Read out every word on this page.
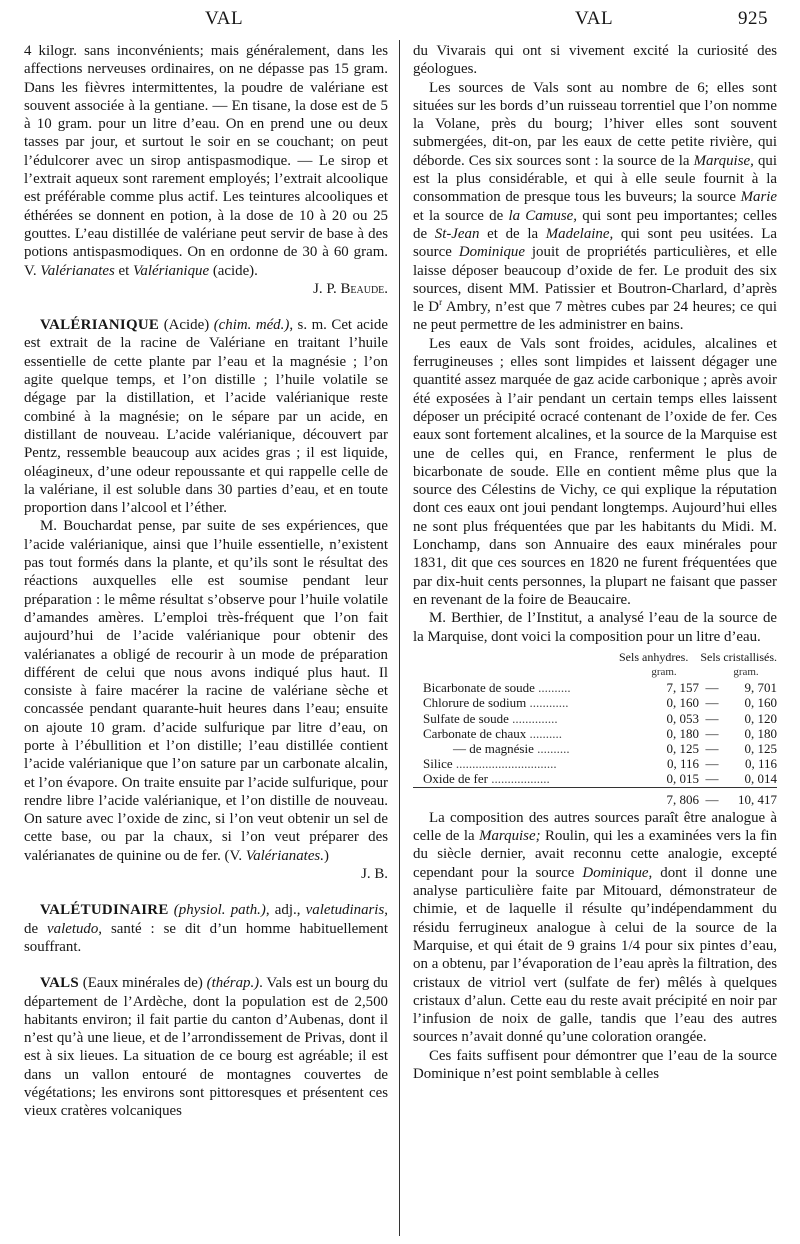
VAL	VAL	925

4 kilogr. sans inconvénients; mais généralement, dans les affections nerveuses ordinaires, on ne dépasse pas 15 gram. Dans les fièvres intermittentes, la poudre de valériane est souvent associée à la gentiane. — En tisane, la dose est de 5 à 10 gram. pour un litre d’eau. On en prend une ou deux tasses par jour, et surtout le soir en se couchant; on peut l’édulcorer avec un sirop antispasmodique. — Le sirop et l’extrait aqueux sont rarement employés; l’extrait alcoolique est préférable comme plus actif. Les teintures alcooliques et éthérées se donnent en potion, à la dose de 10 à 20 ou 25 gouttes. L’eau distillée de valériane peut servir de base à des potions antispasmodiques. On en ordonne de 30 à 60 gram. V. Valérianates et Valérianique (acide).

J. P. Beaude.

VALÉRIANIQUE (Acide) (chim. méd.), s. m. Cet acide est extrait de la racine de Valériane en traitant l’huile essentielle de cette plante par l’eau et la magnésie ; l’on agite quelque temps, et l’on distille ; l’huile volatile se dégage par la distillation, et l’acide valérianique reste combiné à la magnésie; on le sépare par un acide, en distillant de nouveau. L’acide valérianique, découvert par Pentz, ressemble beaucoup aux acides gras ; il est liquide, oléagineux, d’une odeur repoussante et qui rappelle celle de la valériane, il est soluble dans 30 parties d’eau, et en toute proportion dans l’alcool et l’éther.

M. Bouchardat pense, par suite de ses expériences, que l’acide valérianique, ainsi que l’huile essentielle, n’existent pas tout formés dans la plante, et qu’ils sont le résultat des réactions auxquelles elle est soumise pendant leur préparation : le même résultat s’observe pour l’huile volatile d’amandes amères. L’emploi très-fréquent que l’on fait aujourd’hui de l’acide valérianique pour obtenir des valérianates a obligé de recourir à un mode de préparation différent de celui que nous avons indiqué plus haut. Il consiste à faire macérer la racine de valériane sèche et concassée pendant quarante-huit heures dans l’eau; ensuite on ajoute 10 gram. d’acide sulfurique par litre d’eau, on porte à l’ébullition et l’on distille; l’eau distillée contient l’acide valérianique que l’on sature par un carbonate alcalin, et l’on évapore. On traite ensuite par l’acide sulfurique, pour rendre libre l’acide valérianique, et l’on distille de nouveau. On sature avec l’oxide de zinc, si l’on veut obtenir un sel de cette base, ou par la chaux, si l’on veut préparer des valérianates de quinine ou de fer. (V. Valérianates.)

J. B.

VALÉTUDINAIRE (physiol. path.), adj., valetudinaris, de valetudo, santé : se dit d’un homme habituellement souffrant.

VALS (Eaux minérales de) (thérap.). Vals est un bourg du département de l’Ardèche, dont la population est de 2,500 habitants environ; il fait partie du canton d’Aubenas, dont il n’est qu’à une lieue, et de l’arrondissement de Privas, dont il est à six lieues. La situation de ce bourg est agréable; il est dans un vallon entouré de montagnes couvertes de végétations; les environs sont pittoresques et présentent ces vieux cratères volcaniques

du Vivarais qui ont si vivement excité la curiosité des géologues.

Les sources de Vals sont au nombre de 6; elles sont situées sur les bords d’un ruisseau torrentiel que l’on nomme la Volane, près du bourg; l’hiver elles sont souvent submergées, dit-on, par les eaux de cette petite rivière, qui déborde. Ces six sources sont : la source de la Marquise, qui est la plus considérable, et qui à elle seule fournit à la consommation de presque tous les buveurs; la source Marie et la source de la Camuse, qui sont peu importantes; celles de St-Jean et de la Madelaine, qui sont peu usitées. La source Dominique jouit de propriétés particulières, et elle laisse déposer beaucoup d’oxide de fer. Le produit des six sources, disent MM. Patissier et Boutron-Charlard, d’après le $D^r$ Ambry, n’est que 7 mètres cubes par 24 heures; ce qui ne peut permettre de les administrer en bains.

Les eaux de Vals sont froides, acidules, alcalines et ferrugineuses ; elles sont limpides et laissent dégager une quantité assez marquée de gaz acide carbonique ; après avoir été exposées à l’air pendant un certain temps elles laissent déposer un précipité ocracé contenant de l’oxide de fer. Ces eaux sont fortement alcalines, et la source de la Marquise est une de celles qui, en France, renferment le plus de bicarbonate de soude. Elle en contient même plus que la source des Célestins de Vichy, ce qui explique la réputation dont ces eaux ont joui pendant longtemps. Aujourd’hui elles ne sont plus fréquentées que par les habitants du Midi. M. Lonchamp, dans son Annuaire des eaux minérales pour 1831, dit que ces sources en 1820 ne furent fréquentées que par dix-huit cents personnes, la plupart ne faisant que passer en revenant de la foire de Beaucaire.

M. Berthier, de l’Institut, a analysé l’eau de la source de la Marquise, dont voici la composition pour un litre d’eau.

Sels anhydres. Sels cristallisés.
gram.	gram.
Bicarbonate de soude ..........	7, 157	—	9, 701
Chlorure de sodium ............	0, 160	—	0, 160
Sulfate de soude ..............	0, 053	—	0, 120
Carbonate de chaux ..........	0, 180	—	0, 180
— de magnésie ..........	0, 125	—	0, 125
Silice ...............................	0, 116	—	0, 116
Oxide de fer ..................	0, 015	—	0, 014
	7, 806	—	10, 417

La composition des autres sources paraît être analogue à celle de la Marquise; Roulin, qui les a examinées vers la fin du siècle dernier, avait reconnu cette analogie, excepté cependant pour la source Dominique, dont il donne une analyse particulière faite par Mitouard, démonstrateur de chimie, et de laquelle il résulte qu’indépendamment du résidu ferrugineux analogue à celui de la source de la Marquise, et qui était de 9 grains 1/4 pour six pintes d’eau, on a obtenu, par l’évaporation de l’eau après la filtration, des cristaux de vitriol vert (sulfate de fer) mêlés à quelques cristaux d’alun. Cette eau du reste avait précipité en noir par l’infusion de noix de galle, tandis que l’eau des autres sources n’avait donné qu’une coloration orangée.

Ces faits suffisent pour démontrer que l’eau de la source Dominique n’est point semblable à celles
